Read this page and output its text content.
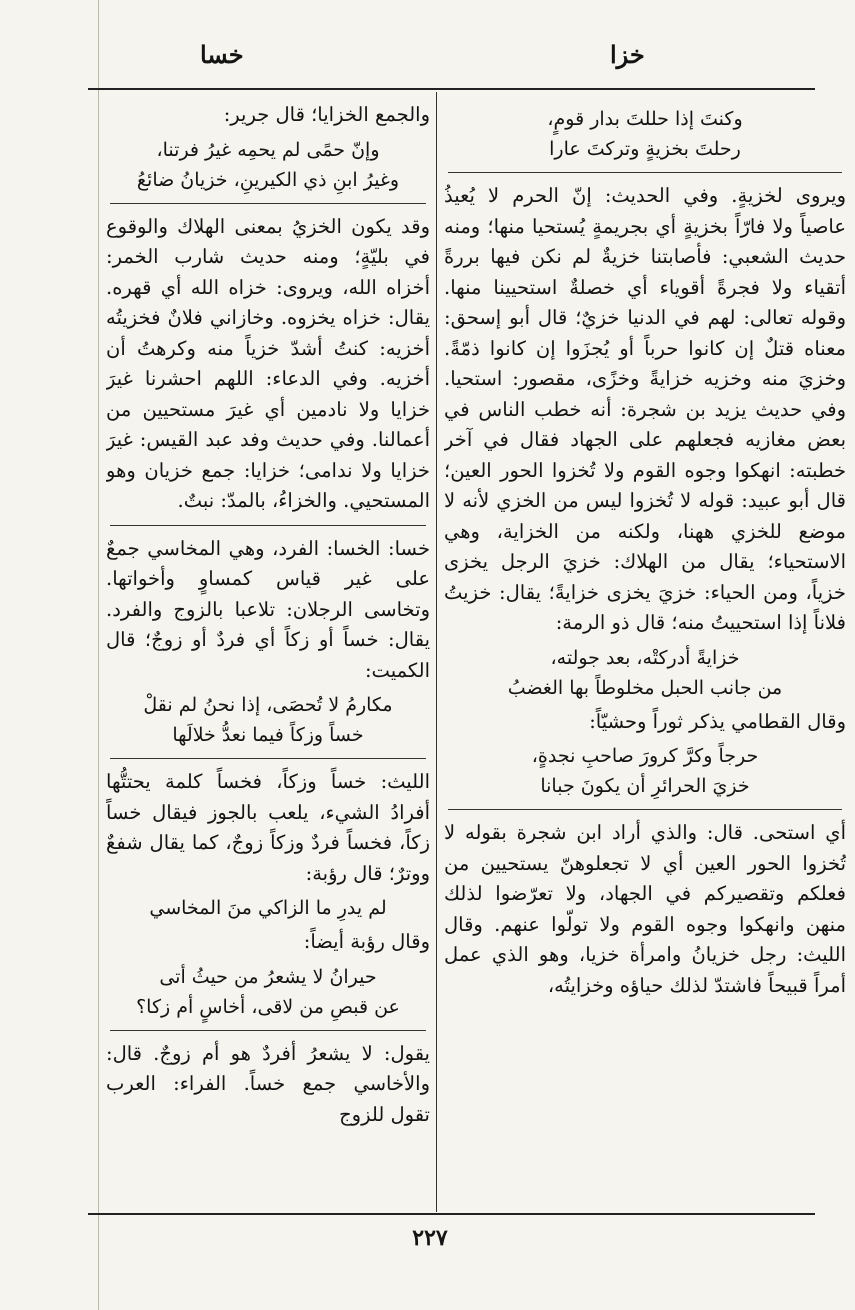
خزا
خسا
وكنتَ إذا حللتَ بدار قومٍ،
رحلتَ بخزيةٍ وتركتَ عارا

ويروى لخزيةٍ. وفي الحديث: إنّ الحرم لا يُعيذُ عاصياً ولا فارّاً بخزيةٍ أي بجريمةٍ يُستحيا منها؛ ومنه حديث الشعبي: فأصابتنا خزيةٌ لم نكن فيها بررةً أتقياء ولا فجرةً أقوياء أي خصلةٌ استحيينا منها. وقوله تعالى: لهم في الدنيا خزيٌ؛ قال أبو إسحق: معناه قتلٌ إن كانوا حرباً أو يُجزَوا إن كانوا ذمّةً. وخزيَ منه وخزيه خزايةً وخزًى، مقصور: استحيا. وفي حديث يزيد بن شجرة: أنه خطب الناس في بعض مغازيه فجعلهم على الجهاد فقال في آخر خطبته: انهكوا وجوه القوم ولا تُخزوا الحور العين؛ قال أبو عبيد: قوله لا تُخزوا ليس من الخزي لأنه لا موضع للخزي ههنا، ولكنه من الخزاية، وهي الاستحياء؛ يقال من الهلاك: خزيَ الرجل يخزى خزياً، ومن الحياء: خزيَ يخزى خزايةً؛ يقال: خزيتُ فلاناً إذا استحييتُ منه؛ قال ذو الرمة:

خزايةً أدركتْه، بعد جولته،
من جانب الحبل مخلوطاً بها الغضبُ

وقال القطامي يذكر ثوراً وحشيّاً:

حرجاً وكرَّ كرورَ صاحبِ نجدةٍ،
خزيَ الحرائرِ أن يكونَ جبانا

أي استحى. قال: والذي أراد ابن شجرة بقوله لا تُخزوا الحور العين أي لا تجعلوهنّ يستحيين من فعلكم وتقصيركم في الجهاد، ولا تعرّضوا لذلك منهن وانهكوا وجوه القوم ولا تولّوا عنهم. وقال الليث: رجل خزيانُ وامرأة خزيا، وهو الذي عمل أمراً قبيحاً فاشتدّ لذلك حياؤه وخزايتُه،

والجمع الخزايا؛ قال جرير:

وإنّ حمًى لم يحمِه غيرُ فرتنا،
وغيرُ ابنِ ذي الكيرينِ، خزيانُ ضائعُ

وقد يكون الخزيُ بمعنى الهلاك والوقوع في بليّةٍ؛ ومنه حديث شارب الخمر: أخزاه الله، ويروى: خزاه الله أي قهره. يقال: خزاه يخزوه. وخازاني فلانٌ فخزيتُه أخزيه: كنتُ أشدّ خزياً منه وكرهتُ أن أخزيه. وفي الدعاء: اللهم احشرنا غيرَ خزايا ولا نادمين أي غيرَ مستحيين من أعمالنا. وفي حديث وفد عبد القيس: غيرَ خزايا ولا ندامى؛ خزايا: جمع خزيان وهو المستحيي. والخزاءُ، بالمدّ: نبتٌ.

خسا: الخسا: الفرد، وهي المخاسي جمعٌ على غير قياس كمساوٍ وأخواتها. وتخاسى الرجلان: تلاعبا بالزوج والفرد. يقال: خساً أو زكاً أي فردٌ أو زوجٌ؛ قال الكميت:

مكارمُ لا تُحصَى، إذا نحنُ لم نقلْ
خساً وزكاً فيما نعدُّ خلالَها

الليث: خساً وزكاً، فخساً كلمة يحتتُّها أفرادُ الشيء، يلعب بالجوز فيقال خساً زكاً، فخساً فردٌ وزكاً زوجٌ، كما يقال شفعٌ ووترٌ؛ قال رؤبة:

لم يدرِ ما الزاكي منَ المخاسي

وقال رؤبة أيضاً:

حيرانُ لا يشعرُ من حيثُ أتى
عن قبصِ من لاقى، أخاسٍ أم زكا؟

يقول: لا يشعرُ أفردٌ هو أم زوجٌ. قال: والأخاسي جمع خساً. الفراء: العرب تقول للزوج

٢٢٧
